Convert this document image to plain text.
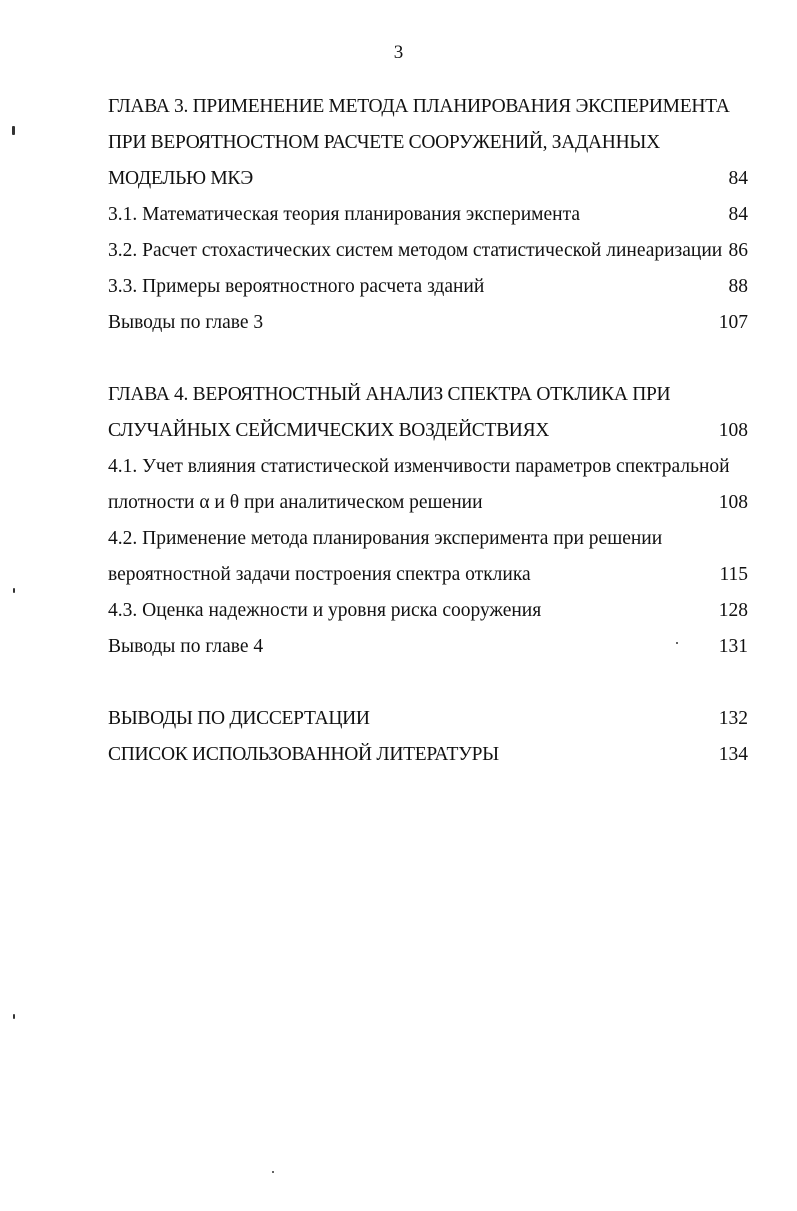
3
ГЛАВА 3. ПРИМЕНЕНИЕ МЕТОДА ПЛАНИРОВАНИЯ ЭКСПЕРИМЕНТА
ПРИ ВЕРОЯТНОСТНОМ РАСЧЕТЕ СООРУЖЕНИЙ, ЗАДАННЫХ
МОДЕЛЬЮ МКЭ	84
3.1. Математическая теория планирования эксперимента	84
3.2. Расчет стохастических систем методом статистической линеаризации 86
3.3. Примеры вероятностного расчета зданий	88
Выводы по главе 3	107
ГЛАВА 4. ВЕРОЯТНОСТНЫЙ АНАЛИЗ СПЕКТРА ОТКЛИКА ПРИ
СЛУЧАЙНЫХ СЕЙСМИЧЕСКИХ ВОЗДЕЙСТВИЯХ	108
4.1. Учет влияния статистической изменчивости параметров спектральной
плотности α и θ при аналитическом решении	108
4.2. Применение метода планирования эксперимента при решении
вероятностной задачи построения спектра отклика	115
4.3. Оценка надежности и уровня риска сооружения	128
Выводы по главе 4	131
ВЫВОДЫ ПО ДИССЕРТАЦИИ	132
СПИСОК ИСПОЛЬЗОВАННОЙ ЛИТЕРАТУРЫ	134
